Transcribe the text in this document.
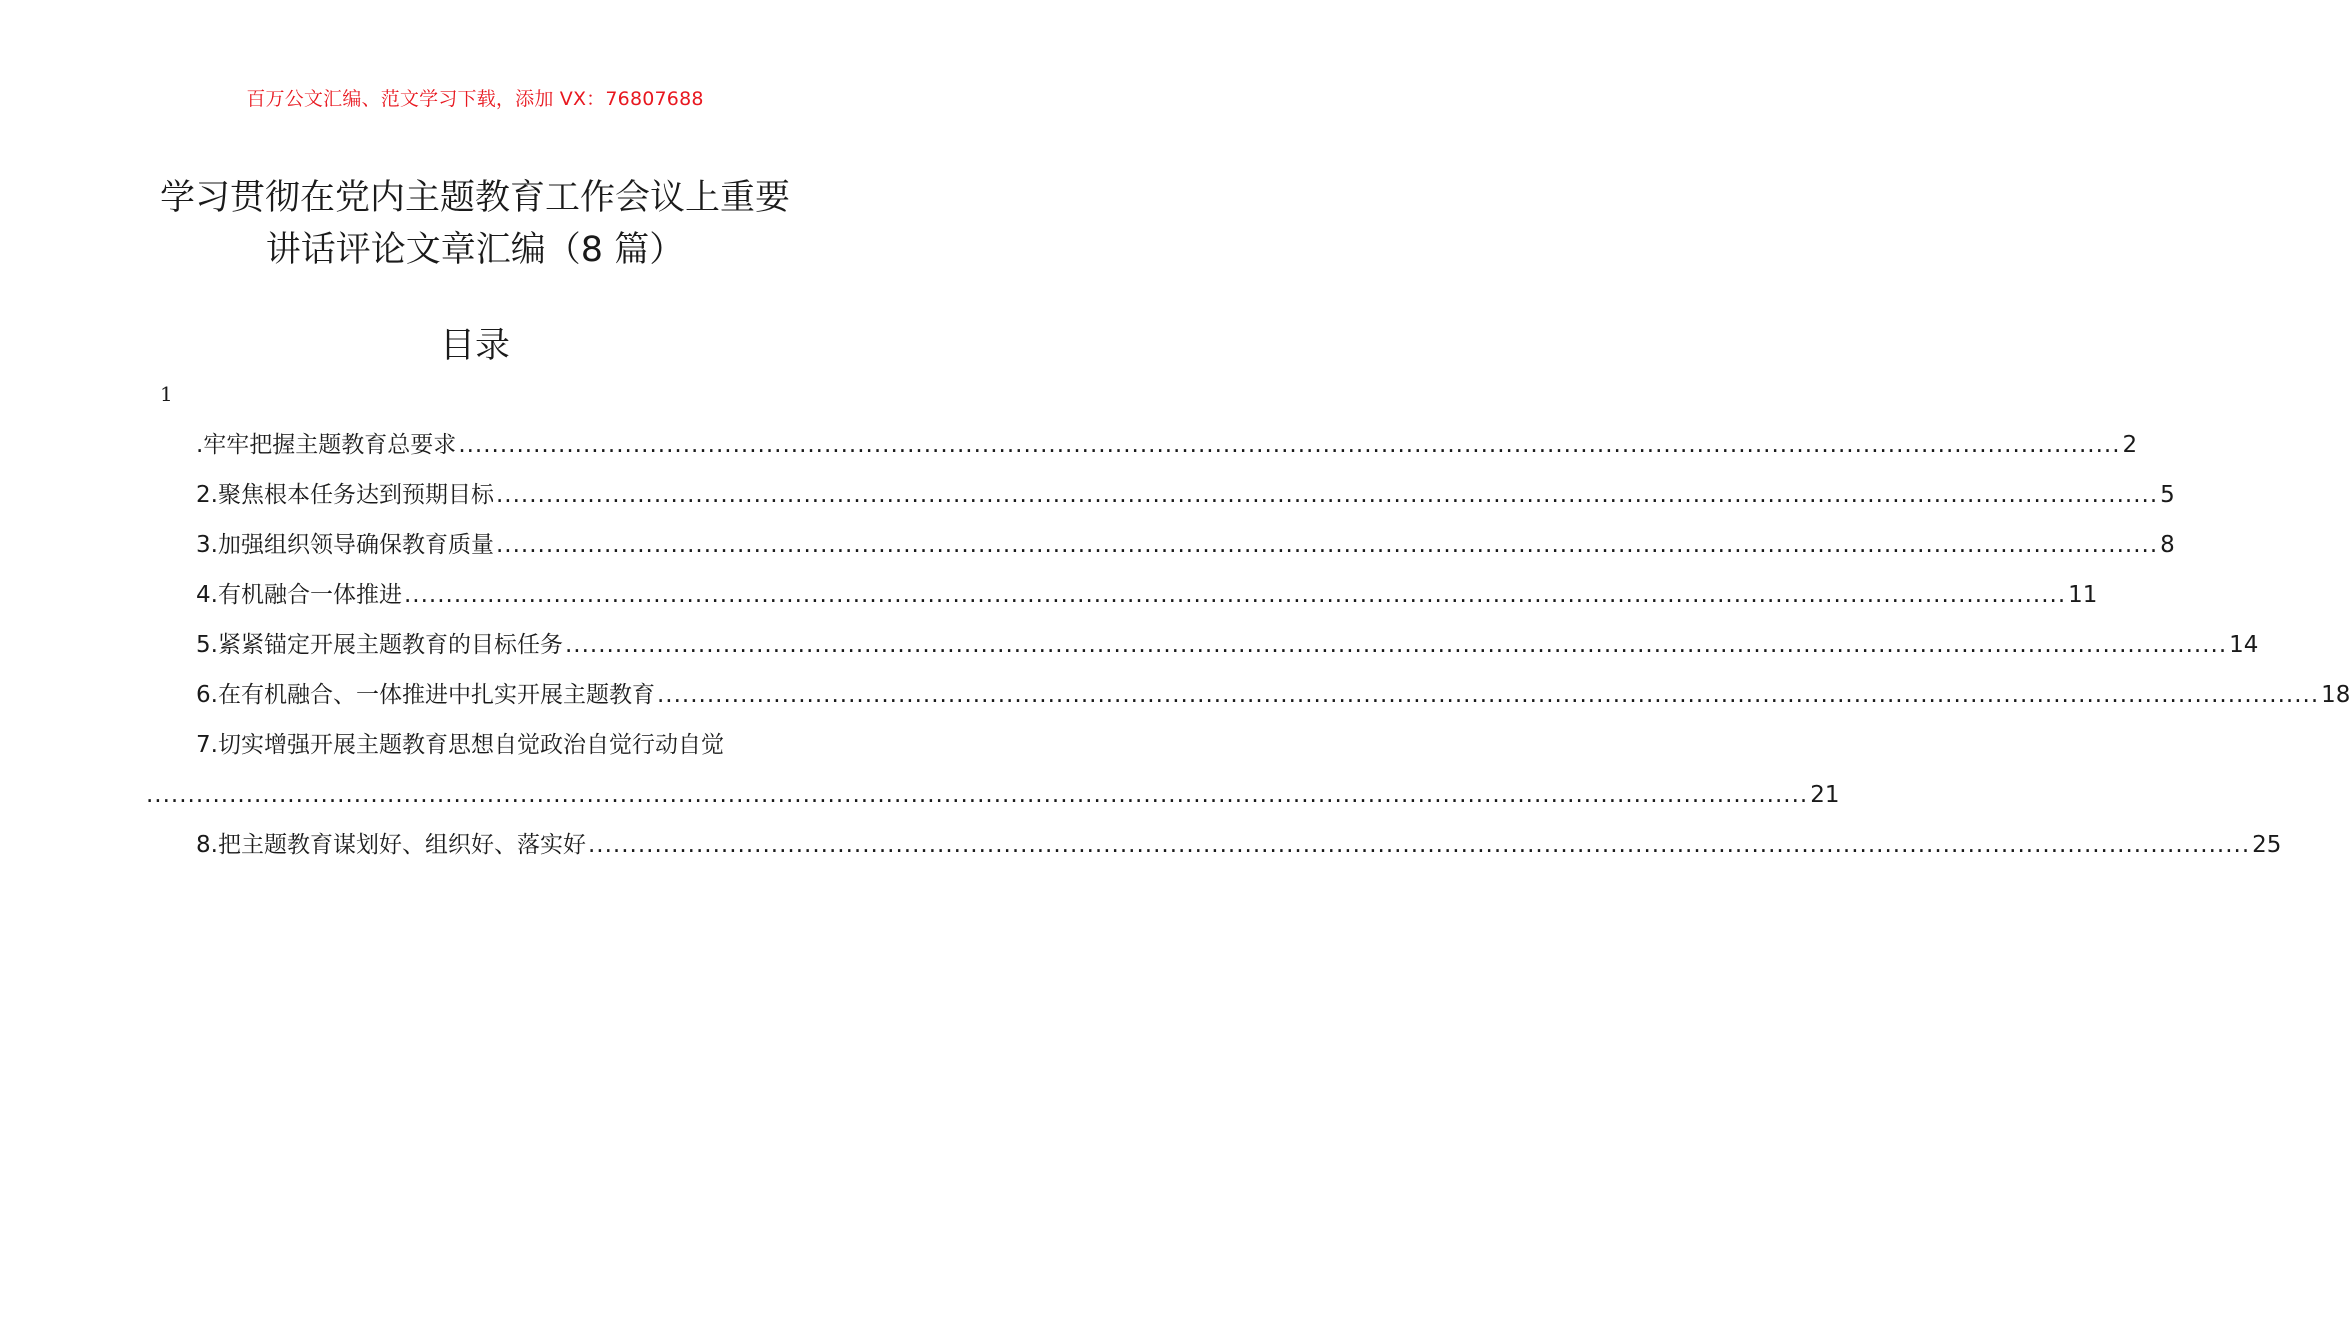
百万公文汇编、范文学习下载，添加 VX：76807688
学习贯彻在党内主题教育工作会议上重要
讲话评论文章汇编（8 篇）
目录
1
.牢牢把握主题教育总要求 ........................................................................................................................................................................................................ 2
2.聚焦根本任务达到预期目标 ........................................................................................................................................................................................................ 5
3.加强组织领导确保教育质量 ........................................................................................................................................................................................................ 8
4.有机融合一体推进 ........................................................................................................................................................................................................ 11
5.紧紧锚定开展主题教育的目标任务 ........................................................................................................................................................................................................ 14
6.在有机融合、一体推进中扎实开展主题教育 ........................................................................................................................................................................................................ 18
7.切实增强开展主题教育思想自觉政治自觉行动自觉
........................................................................................................................................................................................................ 21
8.把主题教育谋划好、组织好、落实好 ........................................................................................................................................................................................................ 25
